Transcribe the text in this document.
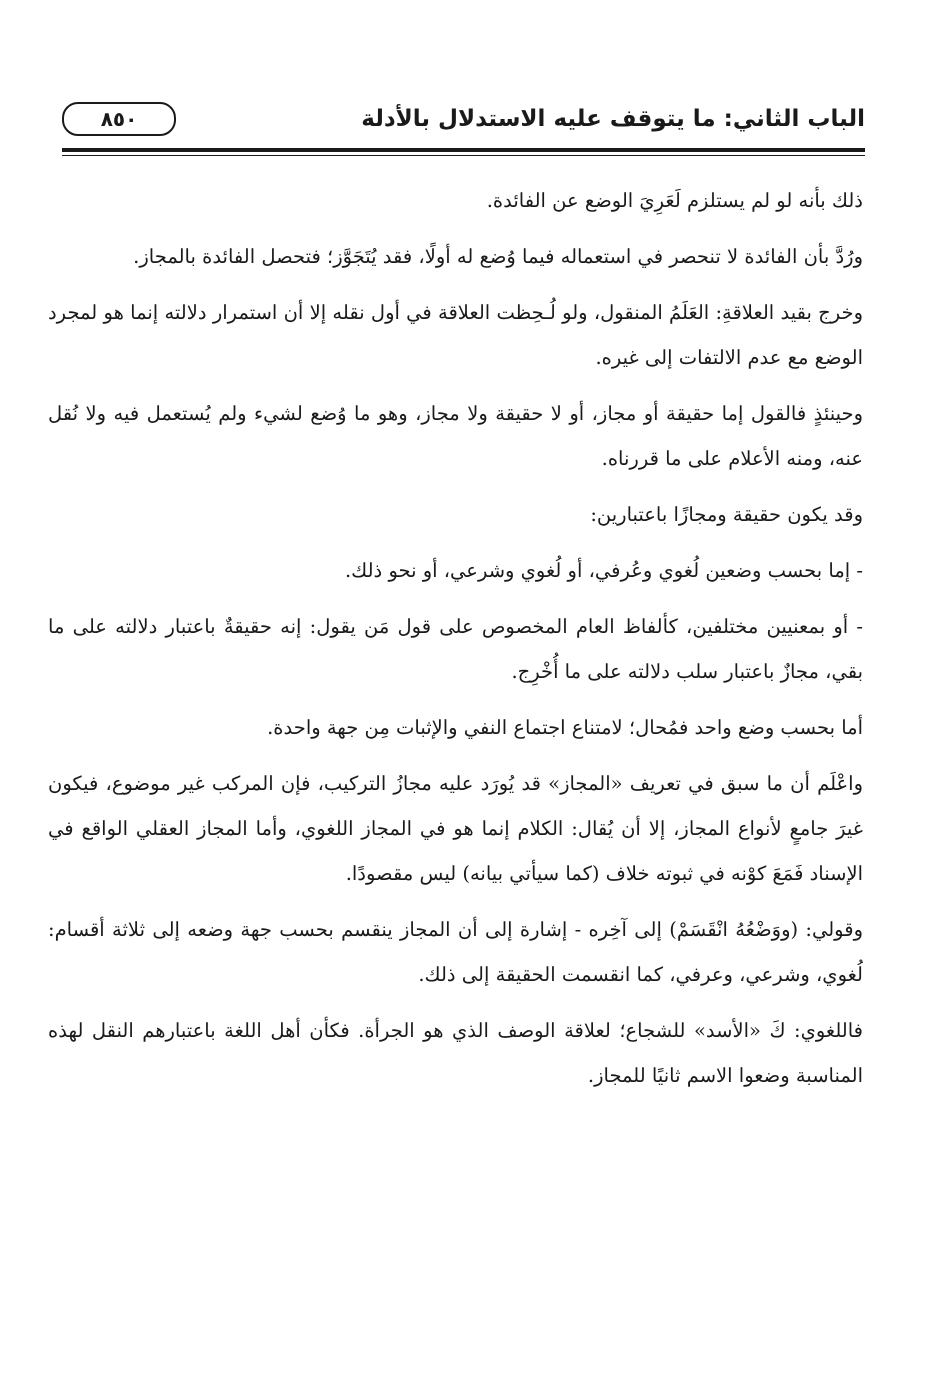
الباب الثاني: ما يتوقف عليه الاستدلال بالأدلة
٨٥٠

ذلك بأنه لو لم يستلزم لَعَرِيَ الوضع عن الفائدة.

ورُدَّ بأن الفائدة لا تنحصر في استعماله فيما وُضع له أولًا، فقد يُتَجَوَّز؛ فتحصل الفائدة بالمجاز.

وخرج بقيد العلاقةِ: العَلَمُ المنقول، ولو لُـحِظت العلاقة في أول نقله إلا أن استمرار دلالته إنما هو لمجرد الوضع مع عدم الالتفات إلى غيره.

وحينئذٍ فالقول إما حقيقة أو مجاز، أو لا حقيقة ولا مجاز، وهو ما وُضع لشيء ولم يُستعمل فيه ولا نُقل عنه، ومنه الأعلام على ما قررناه.

وقد يكون حقيقة ومجازًا باعتبارين:

- إما بحسب وضعين لُغوي وعُرفي، أو لُغوي وشرعي، أو نحو ذلك.

- أو بمعنيين مختلفين، كألفاظ العام المخصوص على قول مَن يقول: إنه حقيقةٌ باعتبار دلالته على ما بقي، مجازٌ باعتبار سلب دلالته على ما أُخْرِج.

أما بحسب وضع واحد فمُحال؛ لامتناع اجتماع النفي والإثبات مِن جهة واحدة.

واعْلَم أن ما سبق في تعريف «المجاز» قد يُورَد عليه مجازُ التركيب، فإن المركب غير موضوع، فيكون غيرَ جامعٍ لأنواع المجاز، إلا أن يُقال: الكلام إنما هو في المجاز اللغوي، وأما المجاز العقلي الواقع في الإسناد فَمَعَ كوْنه في ثبوته خلاف (كما سيأتي بيانه) ليس مقصودًا.

وقولي: (ووَضْعُهُ انْقَسَمْ) إلى آخِره - إشارة إلى أن المجاز ينقسم بحسب جهة وضعه إلى ثلاثة أقسام: لُغوي، وشرعي، وعرفي، كما انقسمت الحقيقة إلى ذلك.

فاللغوي: كَ «الأسد» للشجاع؛ لعلاقة الوصف الذي هو الجرأة. فكأن أهل اللغة باعتبارهم النقل لهذه المناسبة وضعوا الاسم ثانيًا للمجاز.
